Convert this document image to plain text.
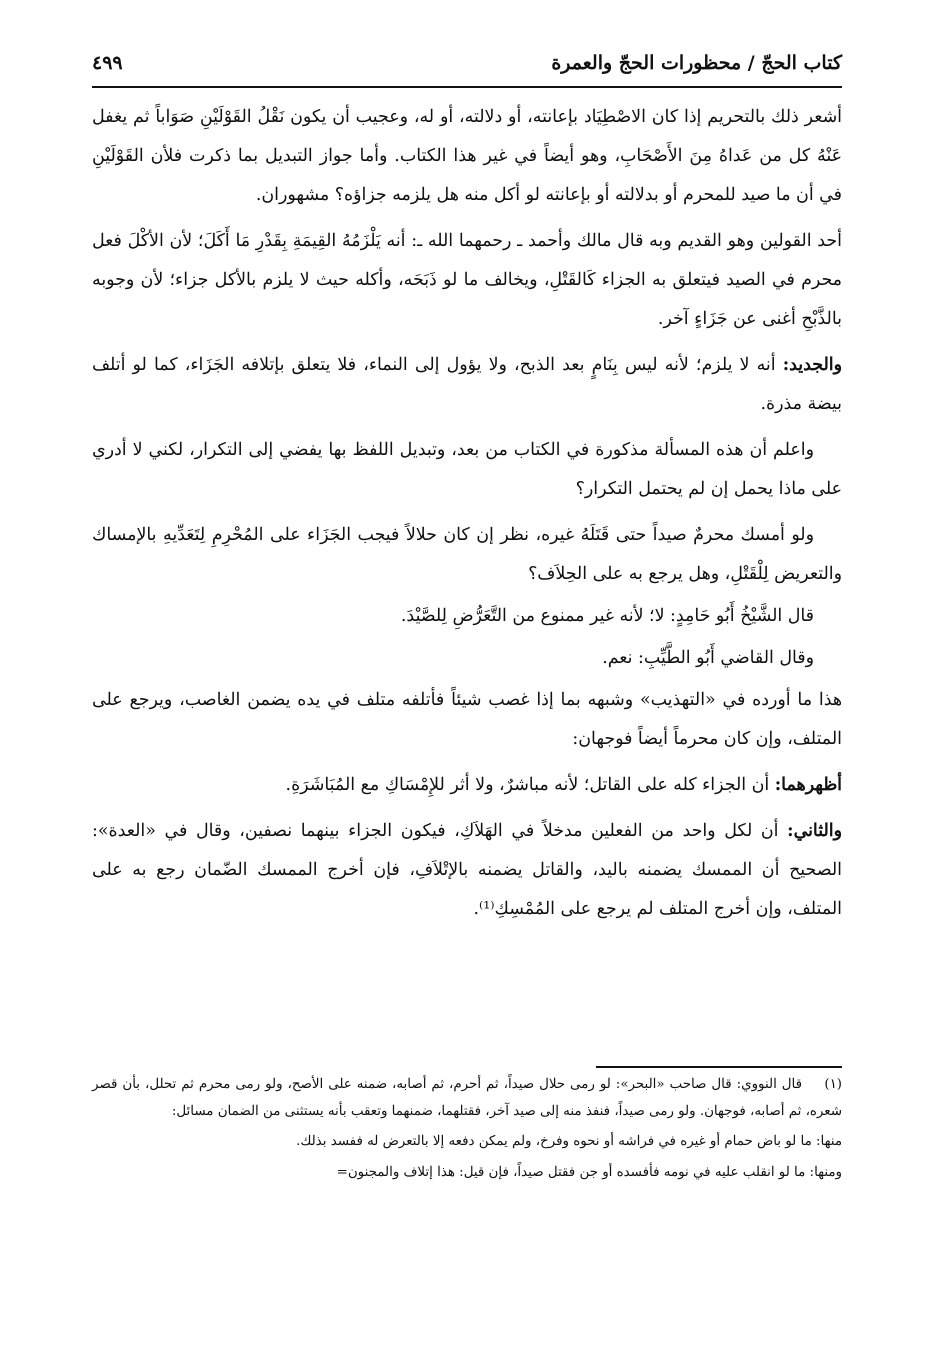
كتاب الحجّ / محظورات الحجّ والعمرة
٤٩٩

أشعر ذلك بالتحريم إذا كان الاصْطِيَاد بإعانته، أو دلالته، أو له، وعجيب أن يكون نَقْلُ القَوْلَيْنِ صَوَاباً ثم يغفل عَنْهُ كل من عَداهُ مِنَ الأَصْحَابِ، وهو أيضاً في غير هذا الكتاب. وأما جواز التبديل بما ذكرت فلأن القَوْلَيْنِ في أن ما صيد للمحرم أو بدلالته أو بإعانته لو أكل منه هل يلزمه جزاؤه؟ مشهوران.

أحد القولين وهو القديم وبه قال مالك وأحمد ـ رحمهما الله ـ: أنه يَلْزَمُهُ القِيمَةِ بِقَدْرِ مَا أَكَلَ؛ لأن الأكْلَ فعل محرم في الصيد فيتعلق به الجزاء كَالقَتْلِ، ويخالف ما لو ذَبَحَه، وأكله حيث لا يلزم بالأكل جزاء؛ لأن وجوبه بالذَّبْحِ أغنى عن جَزَاءٍ آخر.

والجديد: أنه لا يلزم؛ لأنه ليس بِنَامٍ بعد الذبح، ولا يؤول إلى النماء، فلا يتعلق بإتلافه الجَزَاء، كما لو أتلف بيضة مذرة.

واعلم أن هذه المسألة مذكورة في الكتاب من بعد، وتبديل اللفظ بها يفضي إلى التكرار، لكني لا أدري على ماذا يحمل إن لم يحتمل التكرار؟

ولو أمسك محرمٌ صيداً حتى قَتَلَهُ غيره، نظر إن كان حلالاً فيجب الجَزَاء على المُحْرِمِ لِتَعَدِّيهِ بالإمساك والتعريض لِلْقَتْلِ، وهل يرجع به على الحِلاَف؟

قال الشَّيْخُ أَبُو حَامِدٍ: لا؛ لأنه غير ممنوع من التَّعَرُّضِ لِلصَّيْدَ.

وقال القاضي أَبُو الطَّيِّبِ: نعم.

هذا ما أورده في «التهذيب» وشبهه بما إذا غصب شيئاً فأتلفه متلف في يده يضمن الغاصب، ويرجع على المتلف، وإن كان محرماً أيضاً فوجهان:

أظهرهما: أن الجزاء كله على القاتل؛ لأنه مباشرٌ، ولا أثر للإِمْسَاكِ مع المُبَاشَرَةِ.

والثاني: أن لكل واحد من الفعلين مدخلاً في الهَلاَكِ، فيكون الجزاء بينهما نصفين، وقال في «العدة»: الصحيح أن الممسك يضمنه باليد، والقاتل يضمنه بالإتْلاَفِ، فإن أخرج الممسك الضّمان رجع به على المتلف، وإن أخرج المتلف لم يرجع على المُمْسِكِ⁽¹⁾.

(١)قال النووي: قال صاحب «البحر»: لو رمى حلال صيداً، ثم أحرم، ثم أصابه، ضمنه على الأصح، ولو رمى محرم ثم تحلل، بأن قصر شعره، ثم أصابه، فوجهان. ولو رمى صيداً، فنفذ منه إلى صيد آخر، فقتلهما، ضمنهما وتعقب بأنه يستثنى من الضمان مسائل:

منها: ما لو باض حمام أو غيره في فراشه أو نحوه وفرخ، ولم يمكن دفعه إلا بالتعرض له ففسد بذلك.

ومنها: ما لو انقلب عليه في نومه فأفسده أو جن فقتل صيداً، فإن قيل: هذا إتلاف والمجنون=
